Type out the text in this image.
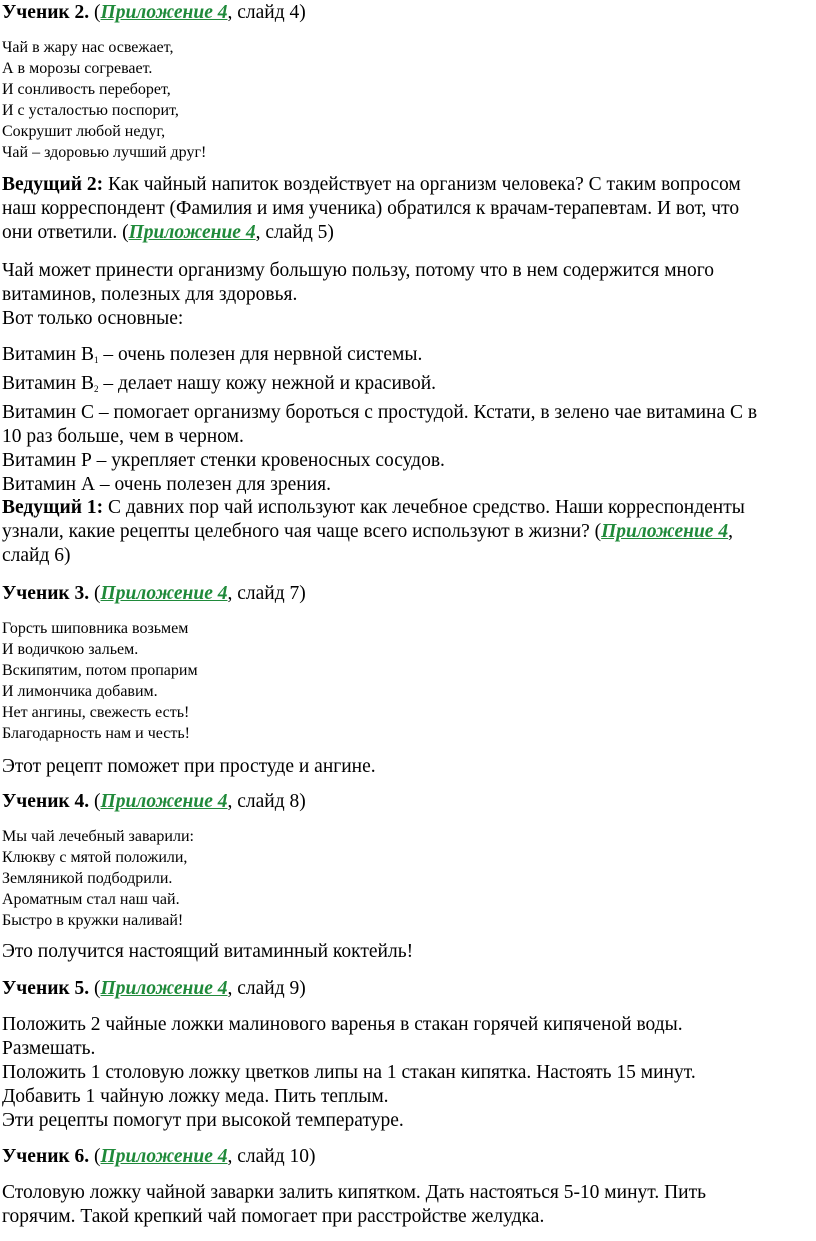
Ученик 2. (Приложение 4, слайд 4)
Чай в жару нас освежает,
А в морозы согревает.
И сонливость переборет,
И с усталостью поспорит,
Сокрушит любой недуг,
Чай – здоровью лучший друг!
Ведущий 2: Как чайный напиток воздействует на организм человека? С таким вопросом
наш корреспондент (Фамилия и имя ученика) обратился к врачам-терапевтам. И вот, что
они ответили. (Приложение 4, слайд 5)
Чай может принести организму большую пользу, потому что в нем содержится много
витаминов, полезных для здоровья.
Вот только основные:
Витамин $B_1$ – очень полезен для нервной системы.
Витамин $B_2$ – делает нашу кожу нежной и красивой.
Витамин С – помогает организму бороться с простудой. Кстати, в зелено чае витамина С в
10 раз больше, чем в черном.
Витамин Р – укрепляет стенки кровеносных сосудов.
Витамин А – очень полезен для зрения.
Ведущий 1: С давних пор чай используют как лечебное средство. Наши корреспонденты
узнали, какие рецепты целебного чая чаще всего используют в жизни? (Приложение 4,
слайд 6)
Ученик 3. (Приложение 4, слайд 7)
Горсть шиповника возьмем
И водичкою зальем.
Вскипятим, потом пропарим
И лимончика добавим.
Нет ангины, свежесть есть!
Благодарность нам и честь!
Этот рецепт поможет при простуде и ангине.
Ученик 4. (Приложение 4, слайд 8)
Мы чай лечебный заварили:
Клюкву с мятой положили,
Земляникой подбодрили.
Ароматным стал наш чай.
Быстро в кружки наливай!
Это получится настоящий витаминный коктейль!
Ученик 5. (Приложение 4, слайд 9)
Положить 2 чайные ложки малинового варенья в стакан горячей кипяченой воды.
Размешать.
Положить 1 столовую ложку цветков липы на 1 стакан кипятка. Настоять 15 минут.
Добавить 1 чайную ложку меда. Пить теплым.
Эти рецепты помогут при высокой температуре.
Ученик 6. (Приложение 4, слайд 10)
Столовую ложку чайной заварки залить кипятком. Дать настояться 5-10 минут. Пить
горячим. Такой крепкий чай помогает при расстройстве желудка.
